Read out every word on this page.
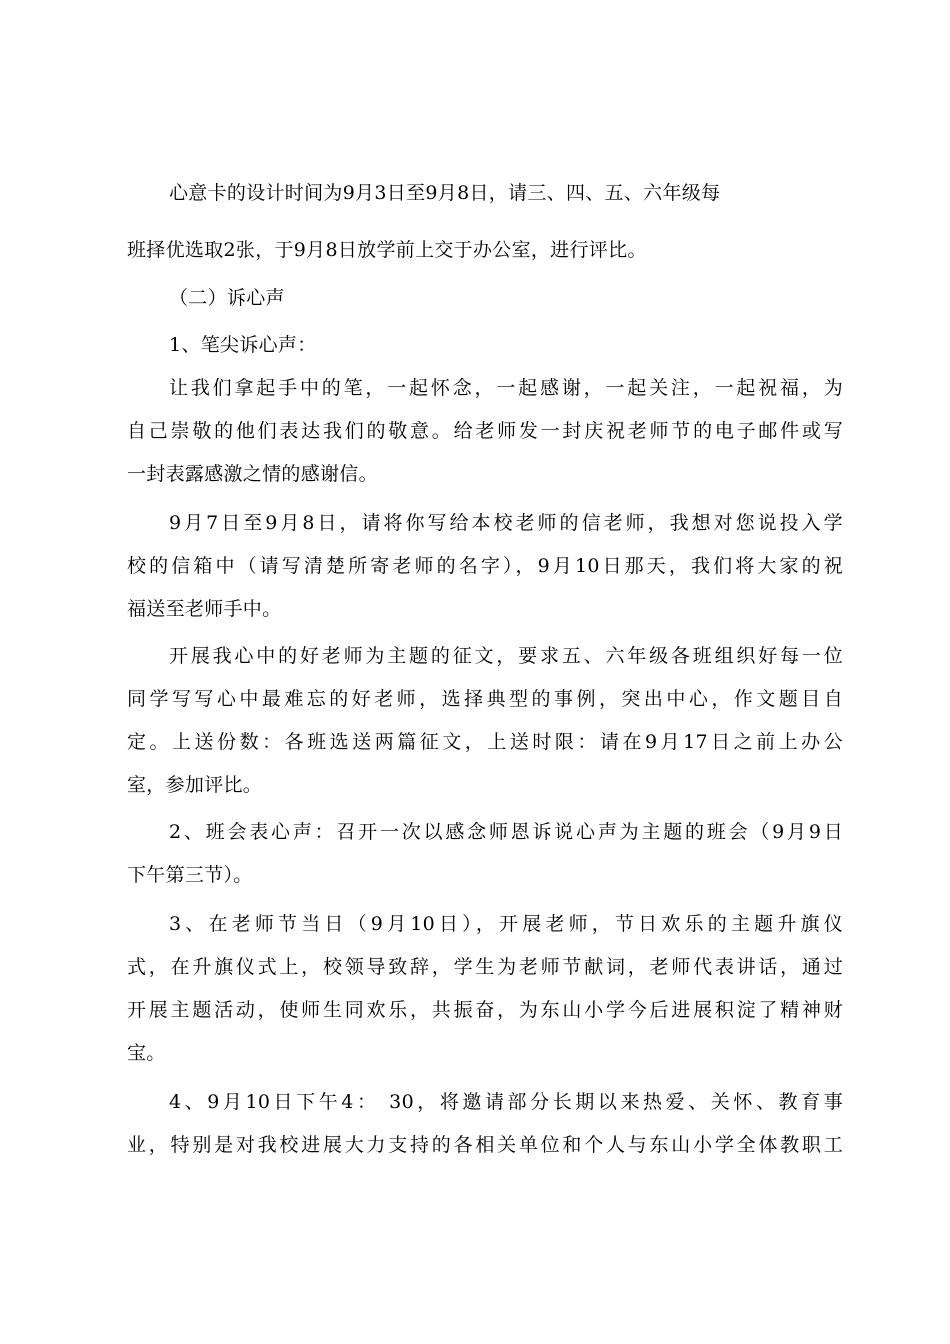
心意卡的设计时间为9月3日至9月8日，请三、四、五、六年级每
班择优选取2张，于9月8日放学前上交于办公室，进行评比。
（二）诉心声
1、笔尖诉心声：
让我们拿起手中的笔，一起怀念，一起感谢，一起关注，一起祝福，为
自己崇敬的他们表达我们的敬意。给老师发一封庆祝老师节的电子邮件或写
一封表露感激之情的感谢信。
9月7日至9月8日，请将你写给本校老师的信老师，我想对您说投入学
校的信箱中（请写清楚所寄老师的名字），9月10日那天，我们将大家的祝
福送至老师手中。
开展我心中的好老师为主题的征文，要求五、六年级各班组织好每一位
同学写写心中最难忘的好老师，选择典型的事例，突出中心，作文题目自
定。上送份数：各班选送两篇征文，上送时限：请在9月17日之前上办公
室，参加评比。
2、班会表心声：召开一次以感念师恩诉说心声为主题的班会（9月9日
下午第三节）。
3、在老师节当日（9月10日），开展老师，节日欢乐的主题升旗仪
式，在升旗仪式上，校领导致辞，学生为老师节献词，老师代表讲话，通过
开展主题活动，使师生同欢乐，共振奋，为东山小学今后进展积淀了精神财
宝。
4、9月10日下午4： 30，将邀请部分长期以来热爱、关怀、教育事
业，特别是对我校进展大力支持的各相关单位和个人与东山小学全体教职工
